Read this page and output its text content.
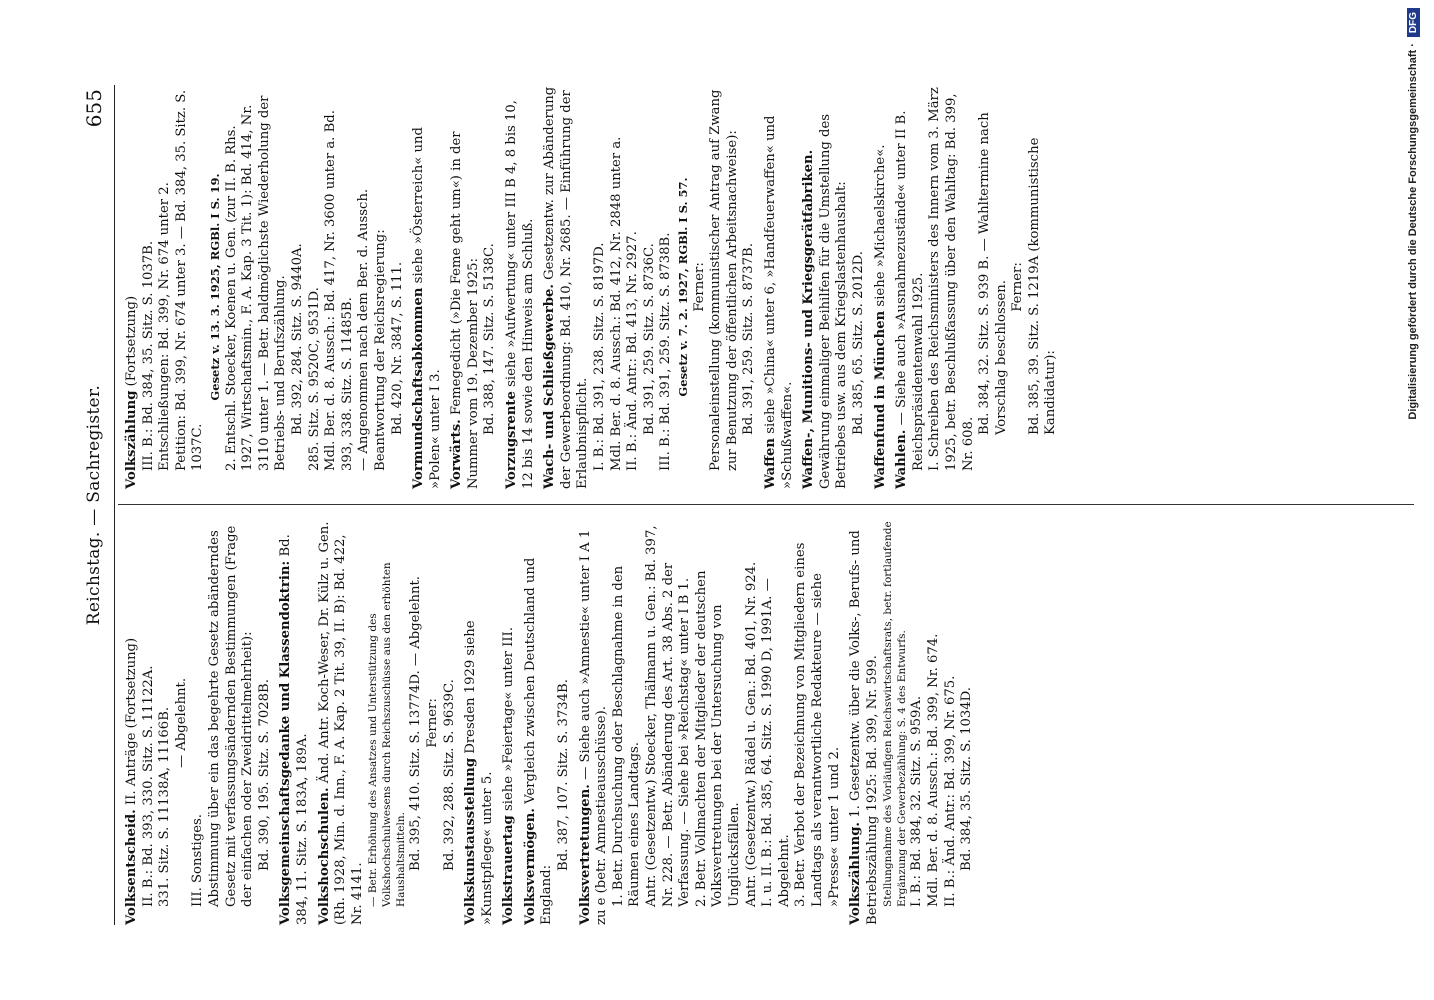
Reichstag. — Sachregister.
655
Volksentscheid. II. Anträge (Fortsetzung) II. B.: Bd. 393, 330. Sitz. S. 11122A. 331. Sitz. S. 11138A, 11166B. — Abgelehnt.
III. Sonstiges. Abstimmung über ein das begehrte Gesetz abänderndes Gesetz mit verfassungsändernden Bestimmungen (Frage der einfachen oder Zweidrittelmehrheit): Bd. 390, 195. Sitz. S. 7028B. Volksgemeinschaftsgedanke und Klassendoktrin: Bd. 384, 11. Sitz. S. 183A, 189A. Volkshochschulen. Änd. Antr. Koch-Weser, Dr. Külz u. Gen. (Rh. 1928, Min. d. Inn., F. A. Kap. 2 Tit. 39, II. B): Bd. 422, Nr. 4141. — Betr. Erhöhung des Ansatzes und Unterstützung des Volkshochschulwesens durch Reichszuschüsse aus den erhöhten Haushaltsmitteln. Bd. 395, 410. Sitz. S. 13774D. — Abgelehnt. Ferner: Bd. 392, 288. Sitz. S. 9639C. Volkskunstausstellung Dresden 1929 siehe »Kunstpflege« unter 5. Volkstrauertag siehe »Feiertage« unter III.
Volksvermögen. Vergleich zwischen Deutschland und England:
Bd. 387, 107. Sitz. S. 3734B. Volksvertretungen. — Siehe auch »Amnestie« unter I A 1 zu e (betr. Amnestieausschüsse). 1. Betr. Durchsuchung oder Beschlagnahme in den Räumen eines Landtags. Antr. (Gesetzentw.) Stoecker, Thälmann u. Gen.: Bd. 397, Nr. 228. — Betr. Abänderung des Art. 38 Abs. 2 der Verfassung. — Siehe bei »Reichstag« unter I B 1. 2. Betr. Vollmachten der Mitglieder der deutschen Volksvertretungen bei der Untersuchung von Unglücksfällen. Antr. (Gesetzentw.) Rädel u. Gen.: Bd. 401, Nr. 924. I. u. II. B.: Bd. 385, 64. Sitz. S. 1990 D, 1991A. — Abgelehnt. 3. Betr. Verbot der Bezeichnung von Mitgliedern eines Landtags als verantwortliche Redakteure — siehe »Presse« unter 1 und 2. Volkszählung. 1. Gesetzentw. über die Volks-, Berufs- und Betriebszählung 1925: Bd. 399, Nr. 599. Stellungnahme des Vorläufigen Reichswirtschaftsrats, betr. fortlaufende Ergänzung der Gewerbezählung: S. 4 des Entwurfs. I. B.: Bd. 384, 32. Sitz. S. 959A. Mdl. Ber. d. 8. Aussch.: Bd. 399, Nr. 674. II. B.: Änd. Antr.: Bd. 399, Nr. 675. Bd. 384, 35. Sitz. S. 1034D.
Volkszählung (Fortsetzung) III. B.: Bd. 384, 35. Sitz. S. 1037B. Entschließungen: Bd. 399, Nr. 674 unter 2. Petition: Bd. 399, Nr. 674 unter 3. — Bd. 384, 35. Sitz. S. 1037C.
Gesetz v. 13. 3. 1925, RGBl. I S. 19. 2. Entschl. Stoecker, Koenen u. Gen. (zur II. B. Rhs. 1927, Wirtschaftsmin., F. A. Kap. 3 Tit. 1): Bd. 414, Nr. 3110 unter 1. — Betr. baldmöglichste Wiederholung der Betriebs- und Berufszählung. Bd. 392, 284. Sitz. S. 9440A. 285. Sitz. S. 9520C, 9531D. Mdl. Ber. d. 8. Aussch.: Bd. 417, Nr. 3600 unter a. Bd. 393, 338. Sitz. S. 11485B. — Angenommen nach dem Ber. d. Aussch. Beantwortung der Reichsregierung: Bd. 420, Nr. 3847, S. 111. Vormundschaftsabkommen siehe »Österreich« und »Polen« unter I 3. Vorwärts. Femegedicht (»Die Feme geht um«) in der Nummer vom 19. Dezember 1925: Bd. 388, 147. Sitz. S. 5138C.
Vorzugsrente siehe »Aufwertung« unter III B 4, 8 bis 10, 12 bis 14 sowie den Hinweis am Schluß. Wach- und Schließgewerbe. Gesetzentw. zur Abänderung der Gewerbeordnung: Bd. 410, Nr. 2685. — Einführung der Erlaubnispflicht. I. B.: Bd. 391, 238. Sitz. S. 8197D. Mdl. Ber. d. 8. Aussch.: Bd. 412, Nr. 2848 unter a. II. B.: Änd. Antr.: Bd. 413, Nr. 2927. Bd. 391, 259. Sitz. S. 8736C. III. B.: Bd. 391, 259. Sitz. S. 8738B. Gesetz v. 7. 2. 1927, RGBl. I S. 57. Ferner: Personaleinstellung (kommunistischer Antrag auf Zwang zur Benutzung der öffentlichen Arbeitsnachweise): Bd. 391, 259. Sitz. S. 8737B.
Waffen siehe »China« unter 6, »Handfeuerwaffen« und »Schußwaffen«. Waffen-, Munitions- und Kriegsgerätfabriken. Gewährung einmaliger Beihilfen für die Umstellung des Betriebes usw. aus dem Kriegslastenhaushalt: Bd. 385, 65. Sitz. S. 2012D. Waffenfund in München siehe »Michaelskirche«.
Wahlen. — Siehe auch »Ausnahmezustände« unter II B. Reichspräsidentenwahl 1925. I. Schreiben des Reichsministers des Innern vom 3. März 1925, betr. Beschlußfassung über den Wahltag: Bd. 399, Nr. 608.
Bd. 384, 32. Sitz. S. 939 B. — Wahltermine nach Vorschlag beschlossen. Ferner: Bd. 385, 39. Sitz. S. 1219A (kommunistische Kandidatur):	Digitalisierung gefördert durch die Deutsche Forschungsgemeinschaft ·
DFG
